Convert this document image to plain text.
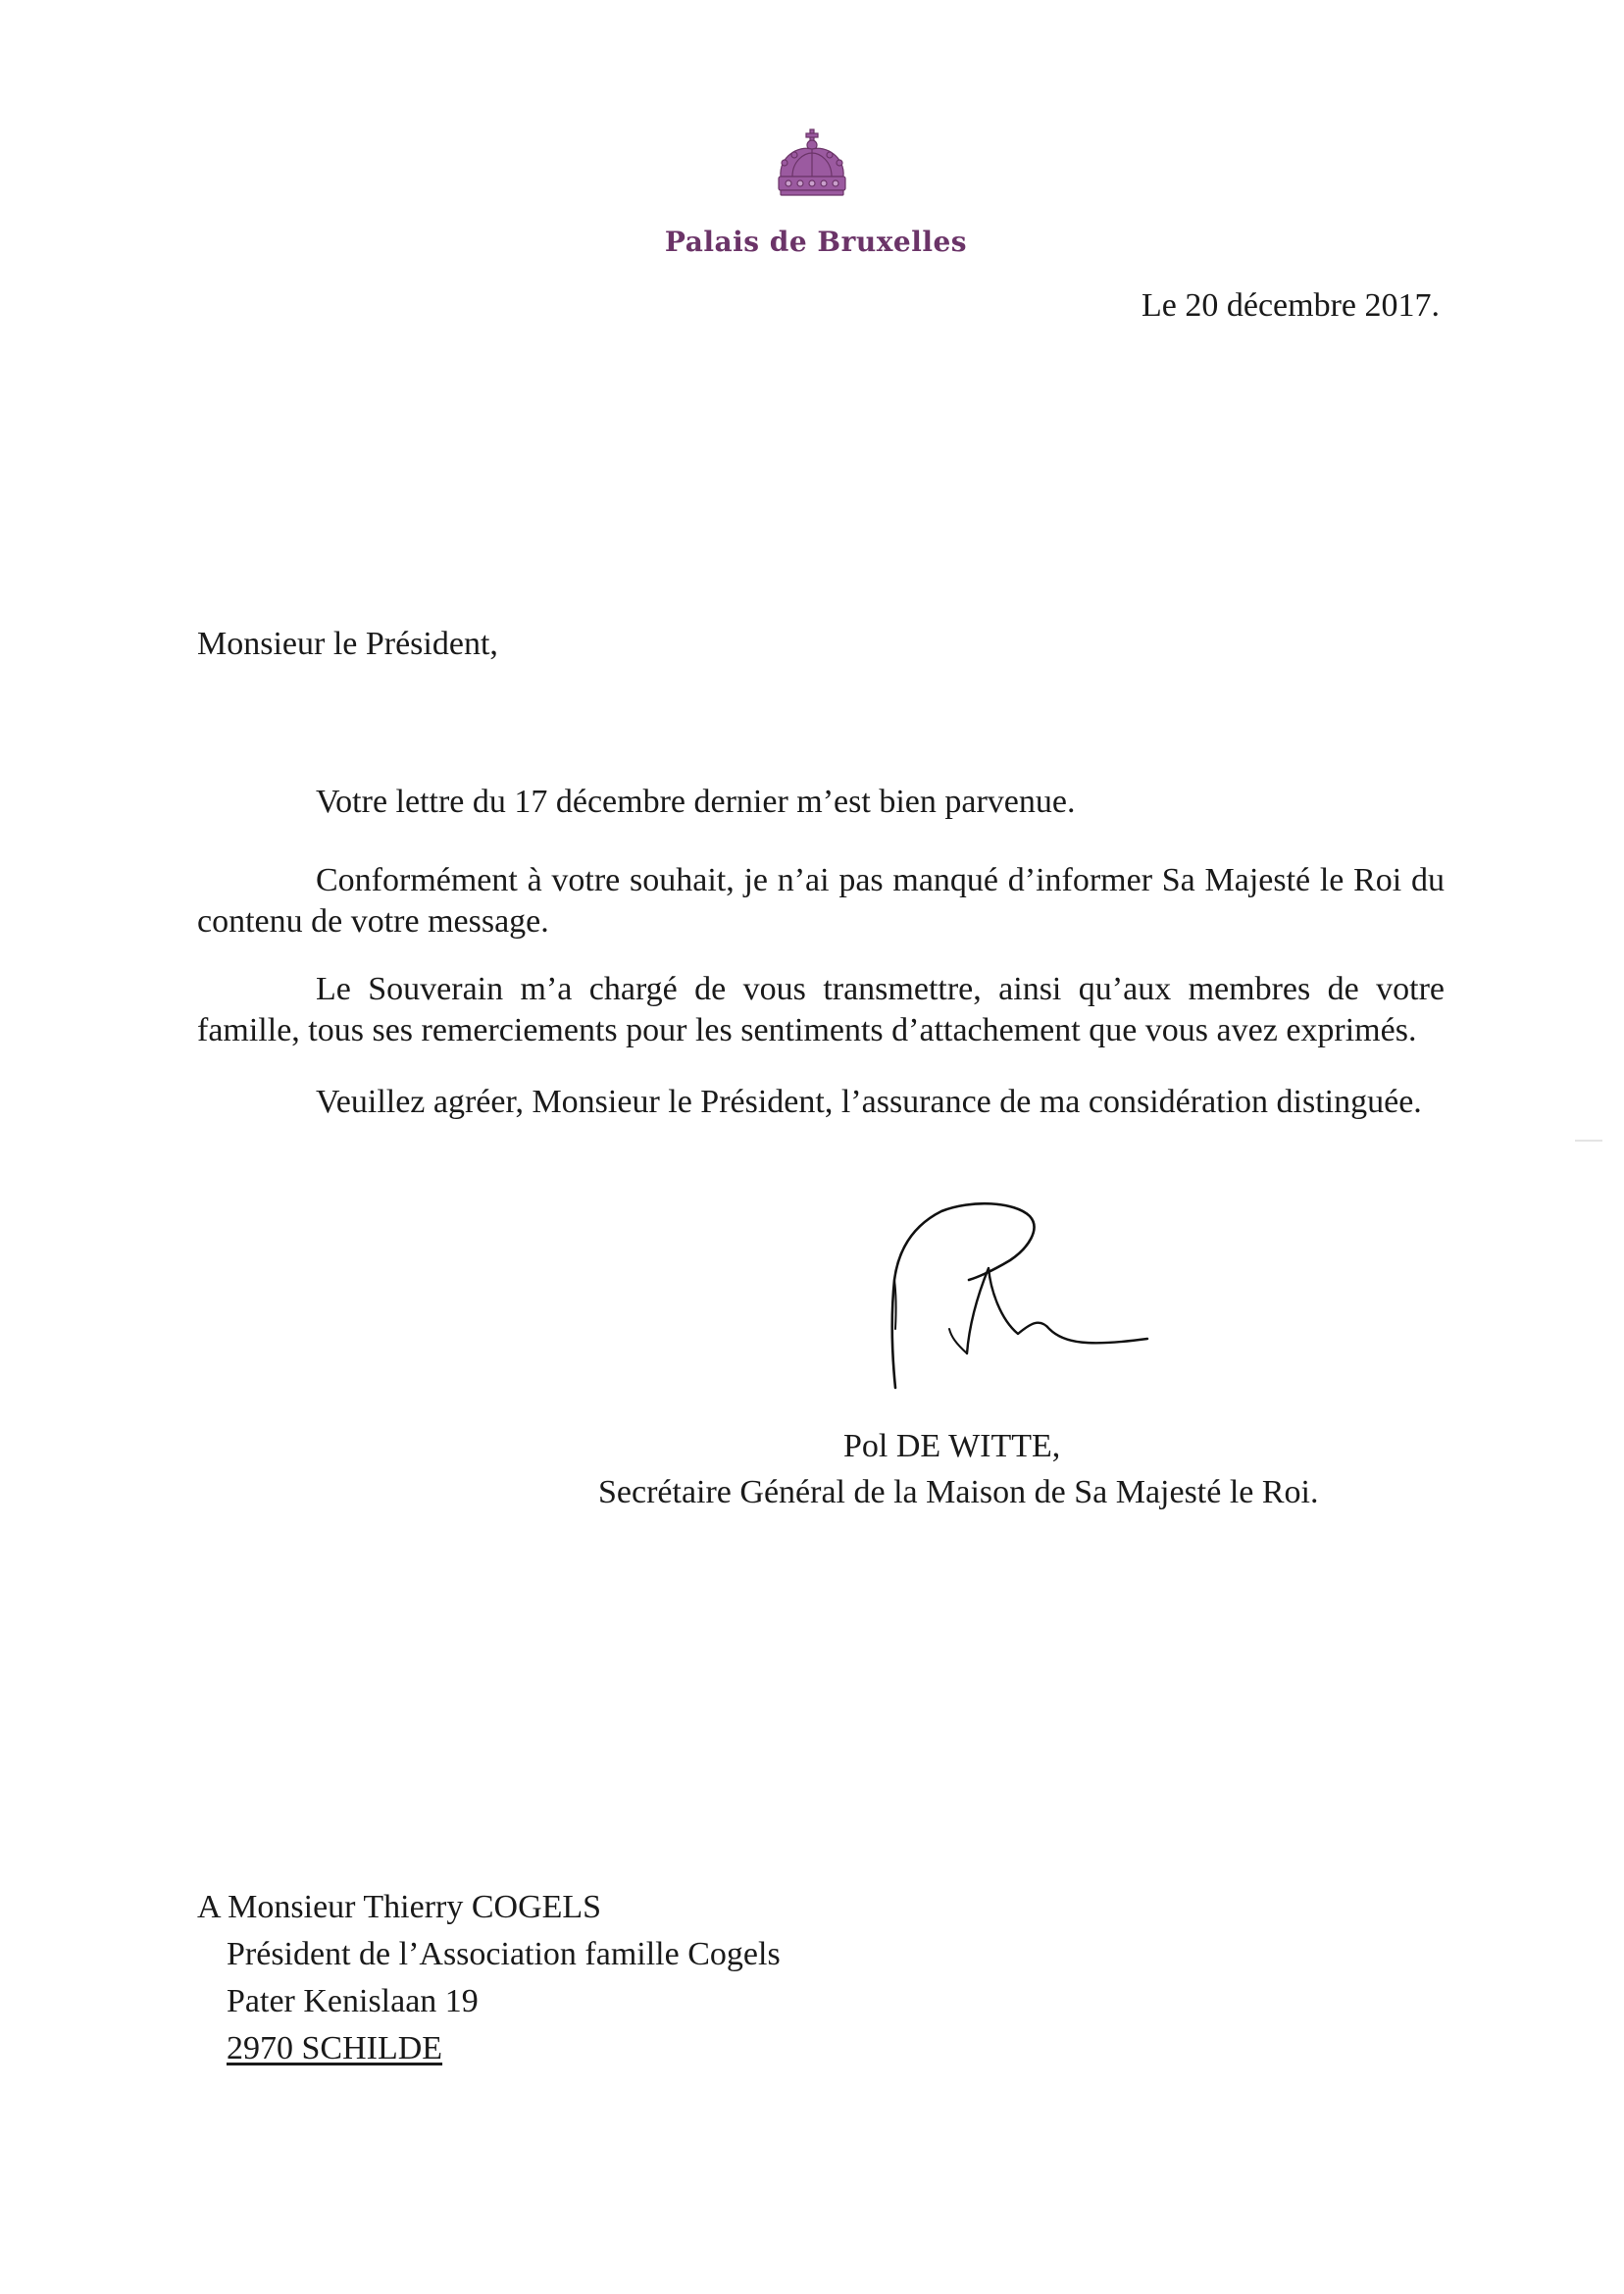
Palais de Bruxelles
Le 20 décembre 2017.
Monsieur le Président,
Votre lettre du 17 décembre dernier m’est bien parvenue.
Conformément à votre souhait, je n’ai pas manqué d’informer Sa Majesté le Roi du contenu de votre message.
Le Souverain m’a chargé de vous transmettre, ainsi qu’aux membres de votre famille, tous ses remerciements pour les sentiments d’attachement que vous avez exprimés.
Veuillez agréer, Monsieur le Président, l’assurance de ma considération distinguée.
Pol DE WITTE,
Secrétaire Général de la Maison de Sa Majesté le Roi.
A Monsieur Thierry COGELS
Président de l’Association famille Cogels
Pater Kenislaan 19
2970 SCHILDE
